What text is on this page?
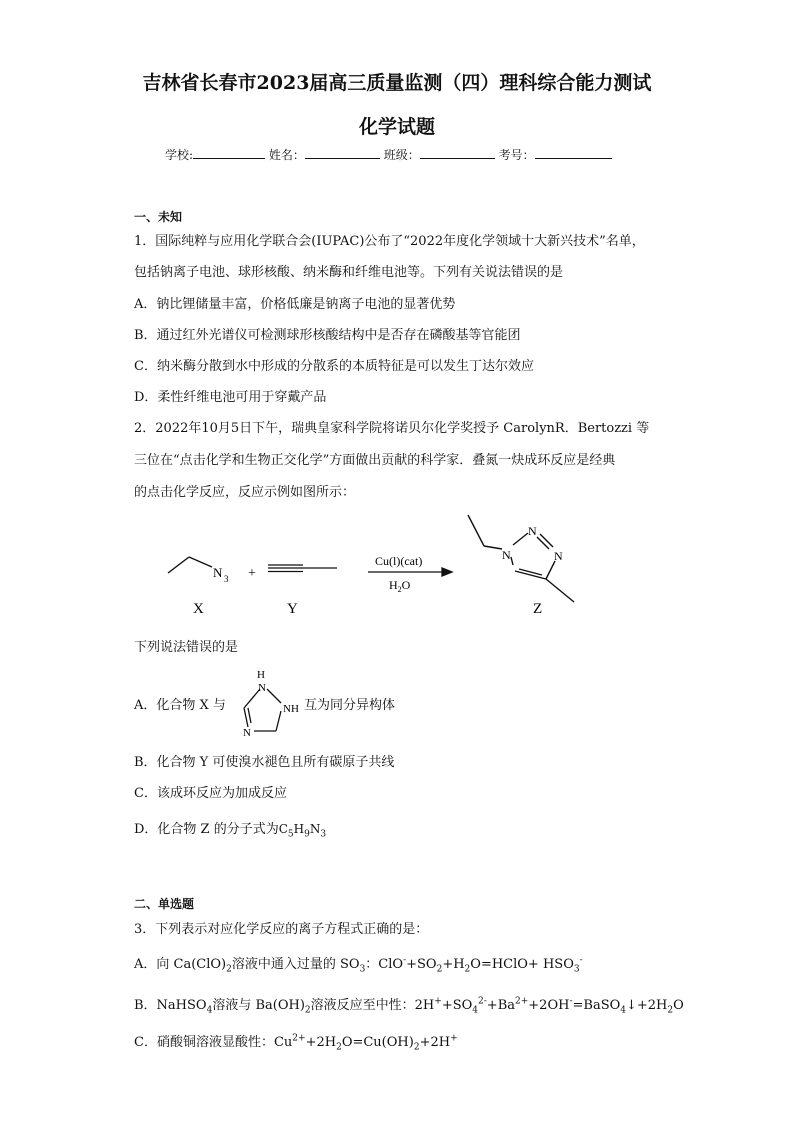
吉林省长春市2023届高三质量监测（四）理科综合能力测试
化学试题
学校:	姓名：	班级：	考号：
一、未知
1．国际纯粹与应用化学联合会(IUPAC)公布了“2022年度化学领域十大新兴技术”名单，
包括钠离子电池、球形核酸、纳米酶和纤维电池等。下列有关说法错误的是
A．钠比锂储量丰富，价格低廉是钠离子电池的显著优势
B．通过红外光谱仪可检测球形核酸结构中是否存在磷酸基等官能团
C．纳米酶分散到水中形成的分散系的本质特征是可以发生丁达尔效应
D．柔性纤维电池可用于穿戴产品
2．2022年10月5日下午，瑞典皇家科学院将诺贝尔化学奖授予 CarolynR．Bertozzi 等
三位在“点击化学和生物正交化学”方面做出贡献的科学家．叠氮一炔成环反应是经典
的点击化学反应，反应示例如图所示：
N 3
X
+
Y
Cu(l)(cat)
$H_2O$
N
N
N
Z
下列说法错误的是
A．化合物 X 与
H
N
N
NH 互为同分异构体
B．化合物 Y 可使溴水褪色且所有碳原子共线
C．该成环反应为加成反应
D．化合物 Z 的分子式为$C_5H_9N_3$
二、单选题
3．下列表示对应化学反应的离子方程式正确的是：
A．向 $Ca(ClO)_2$溶液中通入过量的 $SO_3$：$ClO^-+SO_2+H_2O=HClO+ HSO_3^-$
B．NaHSO$_4$溶液与 $Ba(OH)_2$溶液反应至中性：$2H^++SO_4^{2-}+Ba^{2+}+2OH^-=BaSO_4↓+2H_2O$
C．硝酸铜溶液显酸性：$Cu^{2+}+2H_2O=Cu(OH)_2+2H^+$
